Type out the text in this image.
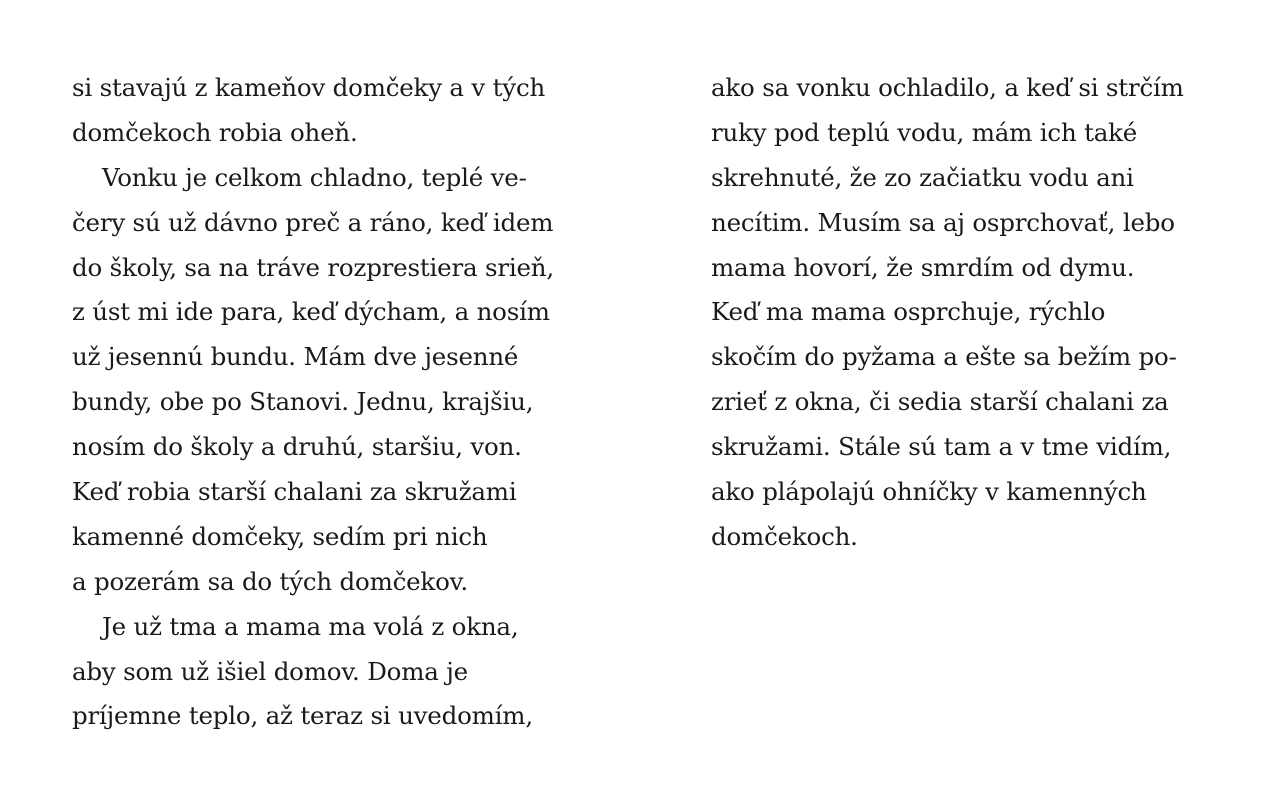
si stavajú z kameňov domčeky a v tých
domčekoch robia oheň.
Vonku je celkom chladno, teplé ve-
čery sú už dávno preč a ráno, keď idem
do školy, sa na tráve rozprestiera srieň,
z úst mi ide para, keď dýcham, a nosím
už jesennú bundu. Mám dve jesenné
bundy, obe po Stanovi. Jednu, krajšiu,
nosím do školy a druhú, staršiu, von.
Keď robia starší chalani za skružami
kamenné domčeky, sedím pri nich
a pozerám sa do tých domčekov.
Je už tma a mama ma volá z okna,
aby som už išiel domov. Doma je
príjemne teplo, až teraz si uvedomím,
ako sa vonku ochladilo, a keď si strčím
ruky pod teplú vodu, mám ich také
skrehnuté, že zo začiatku vodu ani
necítim. Musím sa aj osprchovať, lebo
mama hovorí, že smrdím od dymu.
Keď ma mama osprchuje, rýchlo
skočím do pyžama a ešte sa bežím po-
zrieť z okna, či sedia starší chalani za
skružami. Stále sú tam a v tme vidím,
ako plápolajú ohníčky v kamenných
domčekoch.
